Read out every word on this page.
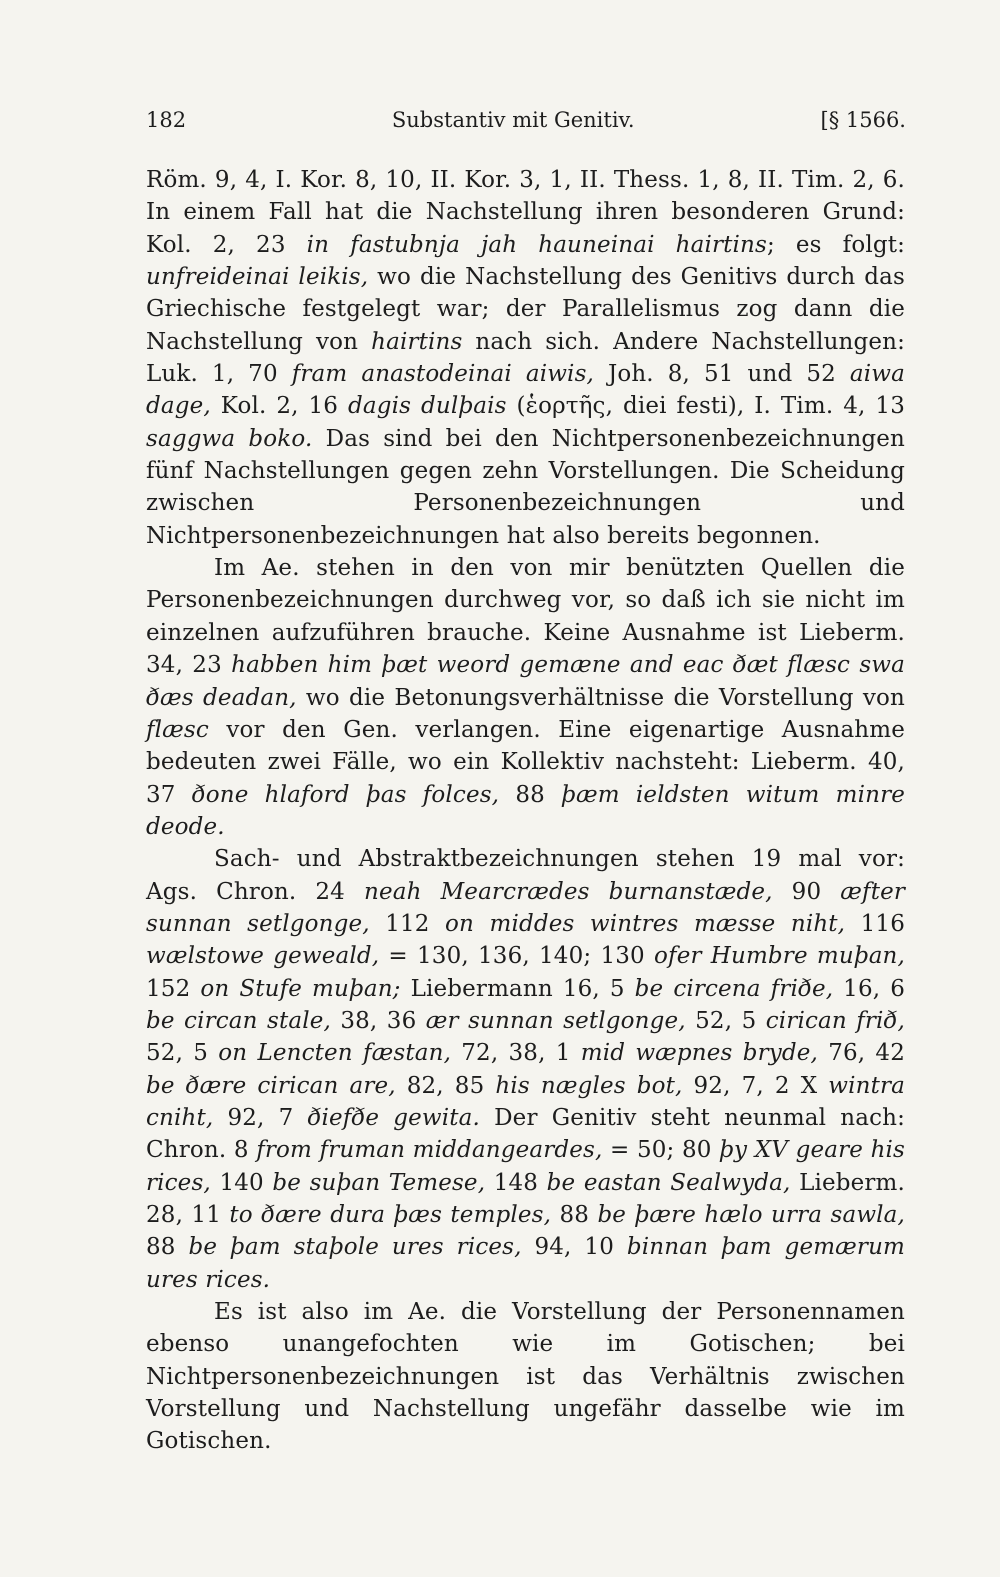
182	Substantiv mit Genitiv.	[§ 1566.

Röm. 9, 4, I. Kor. 8, 10, II. Kor. 3, 1, II. Thess. 1, 8, II. Tim. 2, 6. In einem Fall hat die Nachstellung ihren besonderen Grund: Kol. 2, 23 in fastubnja jah hauneinai hairtins; es folgt: unfreideinai leikis, wo die Nachstellung des Genitivs durch das Griechische festgelegt war; der Parallelismus zog dann die Nachstellung von hairtins nach sich. Andere Nachstellungen: Luk. 1, 70 fram anastodeinai aiwis, Joh. 8, 51 und 52 aiwa dage, Kol. 2, 16 dagis dulþais (ἑορτῆς, diei festi), I. Tim. 4, 13 saggwa boko. Das sind bei den Nichtpersonenbezeichnungen fünf Nachstellungen gegen zehn Vorstellungen. Die Scheidung zwischen Personenbezeichnungen und Nichtpersonenbezeichnungen hat also bereits begonnen.

Im Ae. stehen in den von mir benützten Quellen die Personenbezeichnungen durchweg vor, so daß ich sie nicht im einzelnen aufzuführen brauche. Keine Ausnahme ist Lieberm. 34, 23 habben him þæt weord gemæne and eac ðæt flæsc swa ðæs deadan, wo die Betonungsverhältnisse die Vorstellung von flæsc vor den Gen. verlangen. Eine eigenartige Ausnahme bedeuten zwei Fälle, wo ein Kollektiv nachsteht: Lieberm. 40, 37 ðone hlaford þas folces, 88 þæm ieldsten witum minre deode.

Sach- und Abstraktbezeichnungen stehen 19 mal vor: Ags. Chron. 24 neah Mearcrædes burnanstæde, 90 æfter sunnan setlgonge, 112 on middes wintres mæsse niht, 116 wælstowe geweald, = 130, 136, 140; 130 ofer Humbre muþan, 152 on Stufe muþan; Liebermann 16, 5 be circena friðe, 16, 6 be circan stale, 38, 36 ær sunnan setlgonge, 52, 5 cirican frið, 52, 5 on Lencten fæstan, 72, 38, 1 mid wæpnes bryde, 76, 42 be ðære cirican are, 82, 85 his nægles bot, 92, 7, 2 X wintra cniht, 92, 7 ðiefðe gewita. Der Genitiv steht neunmal nach: Chron. 8 from fruman middangeardes, = 50; 80 þy XV geare his rices, 140 be suþan Temese, 148 be eastan Sealwyda, Lieberm. 28, 11 to ðære dura þæs temples, 88 be þære hælo urra sawla, 88 be þam staþole ures rices, 94, 10 binnan þam gemærum ures rices.

Es ist also im Ae. die Vorstellung der Personennamen ebenso unangefochten wie im Gotischen; bei Nichtpersonenbezeichnungen ist das Verhältnis zwischen Vorstellung und Nachstellung ungefähr dasselbe wie im Gotischen.
